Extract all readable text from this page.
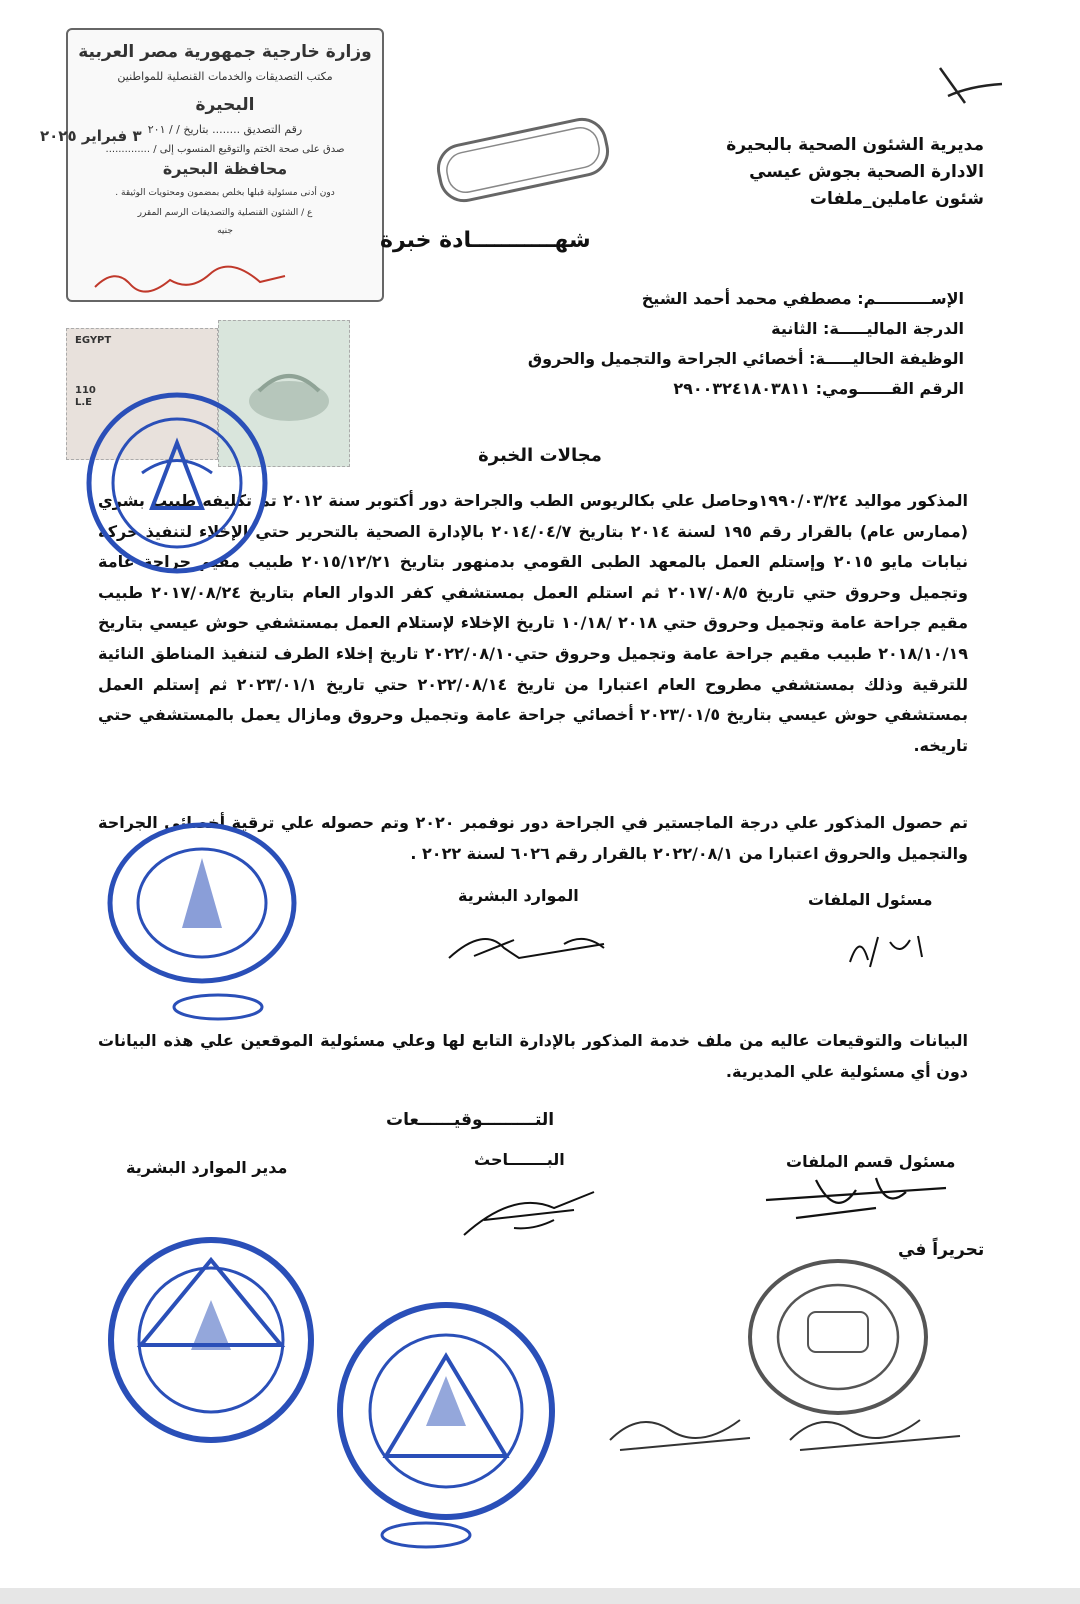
مديرية الشئون الصحية بالبحيرة
الادارة الصحية بجوش عيسي
شئون عاملين_ملفات
وزارة خارجية جمهورية مصر العربية
مكتب التصديقات والخدمات القنصلية للمواطنين
البحيرة
رقم التصديق ........ بتاريخ / / ٢٠١
صدق على صحة الختم والتوقيع المنسوب إلى / ..............
محافظة البحيرة
دون أدنى مسئولية قبلها بخلص بمضمون ومحتويات الوثيقة .
ع / الشئون القنصلية والتصديقات الرسم المقرر
جنيه
٣ فبراير ٢٠٢٥
شهـــــــــــادة خبرة
الإســــــــــم: مصطفي محمد أحمد الشيخ
الدرجة الماليـــــة: الثانية
الوظيفة الحاليـــــة: أخصائي الجراحة والتجميل والحروق
الرقم القــــــومي: ٢٩٠٠٣٢٤١٨٠٣٨١١
EGYPT
110 L.E
مجالات الخبرة
المذكور مواليد ١٩٩٠/٠٣/٢٤وحاصل علي بكالريوس الطب والجراحة دور أكتوبر سنة ٢٠١٢ تم تكليفه طبيب بشري (ممارس عام) بالقرار رقم ١٩٥ لسنة ٢٠١٤ بتاريخ ٢٠١٤/٠٤/٧ بالإدارة الصحية بالتحرير حتي الإخلاء لتنفيذ حركة نيابات مايو ٢٠١٥ وإستلم العمل بالمعهد الطبى القومي بدمنهور بتاريخ ٢٠١٥/١٢/٢١ طبيب مقيم جراحة عامة وتجميل وحروق حتي تاريخ ٢٠١٧/٠٨/٥ ثم استلم العمل بمستشفي كفر الدوار العام بتاريخ ٢٠١٧/٠٨/٢٤ طبيب مقيم جراحة عامة وتجميل وحروق حتي ٢٠١٨ /١٠/١٨ تاريخ الإخلاء لإستلام العمل بمستشفي حوش عيسي بتاريخ ٢٠١٨/١٠/١٩ طبيب مقيم جراحة عامة وتجميل وحروق حتي٢٠٢٢/٠٨/١٠ تاريخ إخلاء الطرف لتنفيذ المناطق النائية للترقية وذلك بمستشفي مطروح العام اعتبارا من تاريخ ٢٠٢٢/٠٨/١٤ حتي تاريخ ٢٠٢٣/٠١/١ ثم إستلم العمل بمستشفي حوش عيسي بتاريخ ٢٠٢٣/٠١/٥ أخصائي جراحة عامة وتجميل وحروق ومازال يعمل بالمستشفي حتي تاريخه.
تم حصول المذكور علي درجة الماجستير في الجراحة دور نوفمبر ٢٠٢٠ وتم حصوله علي ترقية أخصائي الجراحة والتجميل والحروق اعتبارا من ٢٠٢٢/٠٨/١ بالقرار رقم ٦٠٢٦ لسنة ٢٠٢٢ .
مسئول الملفات
الموارد البشرية
البيانات والتوقيعات عاليه من ملف خدمة المذكور بالإدارة التابع لها وعلي مسئولية الموقعين علي هذه البيانات دون أي مسئولية علي المديرية.
التـــــــــوقيــــــعات
مسئول قسم الملفات
البـــــــاحث
مدير الموارد البشرية
تحريراً في
